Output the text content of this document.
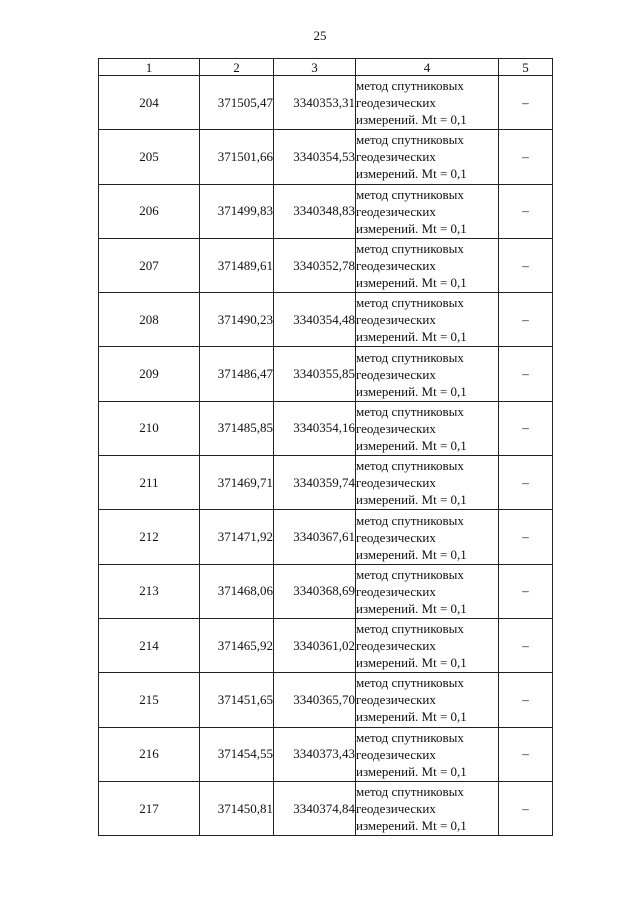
25
1	2	3	4	5
204	371505,47	3340353,31	метод спутниковых
геодезических
измерений. Mt = 0,1	–
205	371501,66	3340354,53	метод спутниковых
геодезических
измерений. Mt = 0,1	–
206	371499,83	3340348,83	метод спутниковых
геодезических
измерений. Mt = 0,1	–
207	371489,61	3340352,78	метод спутниковых
геодезических
измерений. Mt = 0,1	–
208	371490,23	3340354,48	метод спутниковых
геодезических
измерений. Mt = 0,1	–
209	371486,47	3340355,85	метод спутниковых
геодезических
измерений. Mt = 0,1	–
210	371485,85	3340354,16	метод спутниковых
геодезических
измерений. Mt = 0,1	–
211	371469,71	3340359,74	метод спутниковых
геодезических
измерений. Mt = 0,1	–
212	371471,92	3340367,61	метод спутниковых
геодезических
измерений. Mt = 0,1	–
213	371468,06	3340368,69	метод спутниковых
геодезических
измерений. Mt = 0,1	–
214	371465,92	3340361,02	метод спутниковых
геодезических
измерений. Mt = 0,1	–
215	371451,65	3340365,70	метод спутниковых
геодезических
измерений. Mt = 0,1	–
216	371454,55	3340373,43	метод спутниковых
геодезических
измерений. Mt = 0,1	–
217	371450,81	3340374,84	метод спутниковых
геодезических
измерений. Mt = 0,1	–
